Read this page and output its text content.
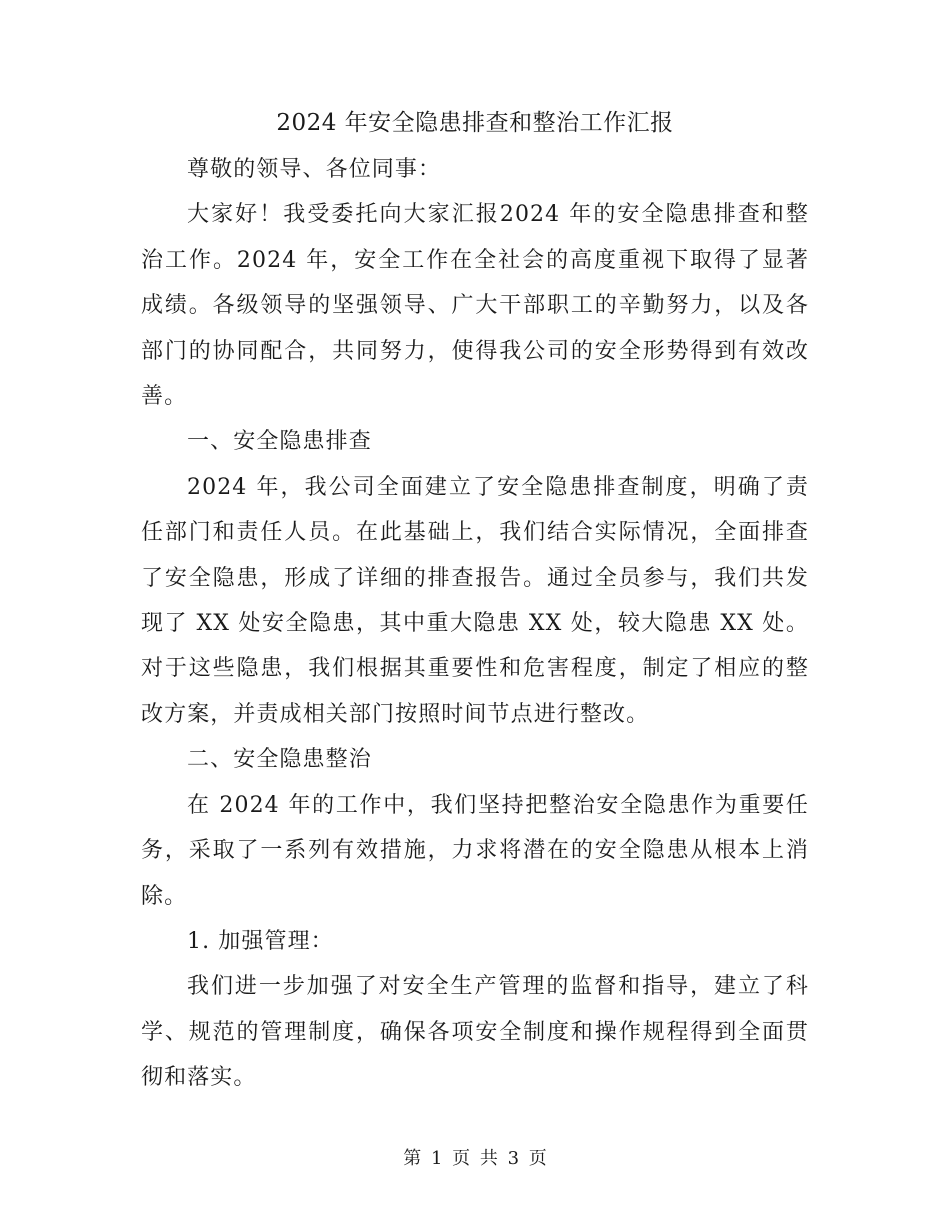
2024 年安全隐患排查和整治工作汇报

尊敬的领导、各位同事：

大家好！我受委托向大家汇报2024 年的安全隐患排查和整治工作。2024 年，安全工作在全社会的高度重视下取得了显著成绩。各级领导的坚强领导、广大干部职工的辛勤努力，以及各部门的协同配合，共同努力，使得我公司的安全形势得到有效改善。

一、安全隐患排查

2024 年，我公司全面建立了安全隐患排查制度，明确了责任部门和责任人员。在此基础上，我们结合实际情况，全面排查了安全隐患，形成了详细的排查报告。通过全员参与，我们共发现了 XX 处安全隐患，其中重大隐患 XX 处，较大隐患 XX 处。对于这些隐患，我们根据其重要性和危害程度，制定了相应的整改方案，并责成相关部门按照时间节点进行整改。

二、安全隐患整治

在 2024 年的工作中，我们坚持把整治安全隐患作为重要任务，采取了一系列有效措施，力求将潜在的安全隐患从根本上消除。

1. 加强管理：

我们进一步加强了对安全生产管理的监督和指导，建立了科学、规范的管理制度，确保各项安全制度和操作规程得到全面贯彻和落实。

第 1 页 共 3 页
